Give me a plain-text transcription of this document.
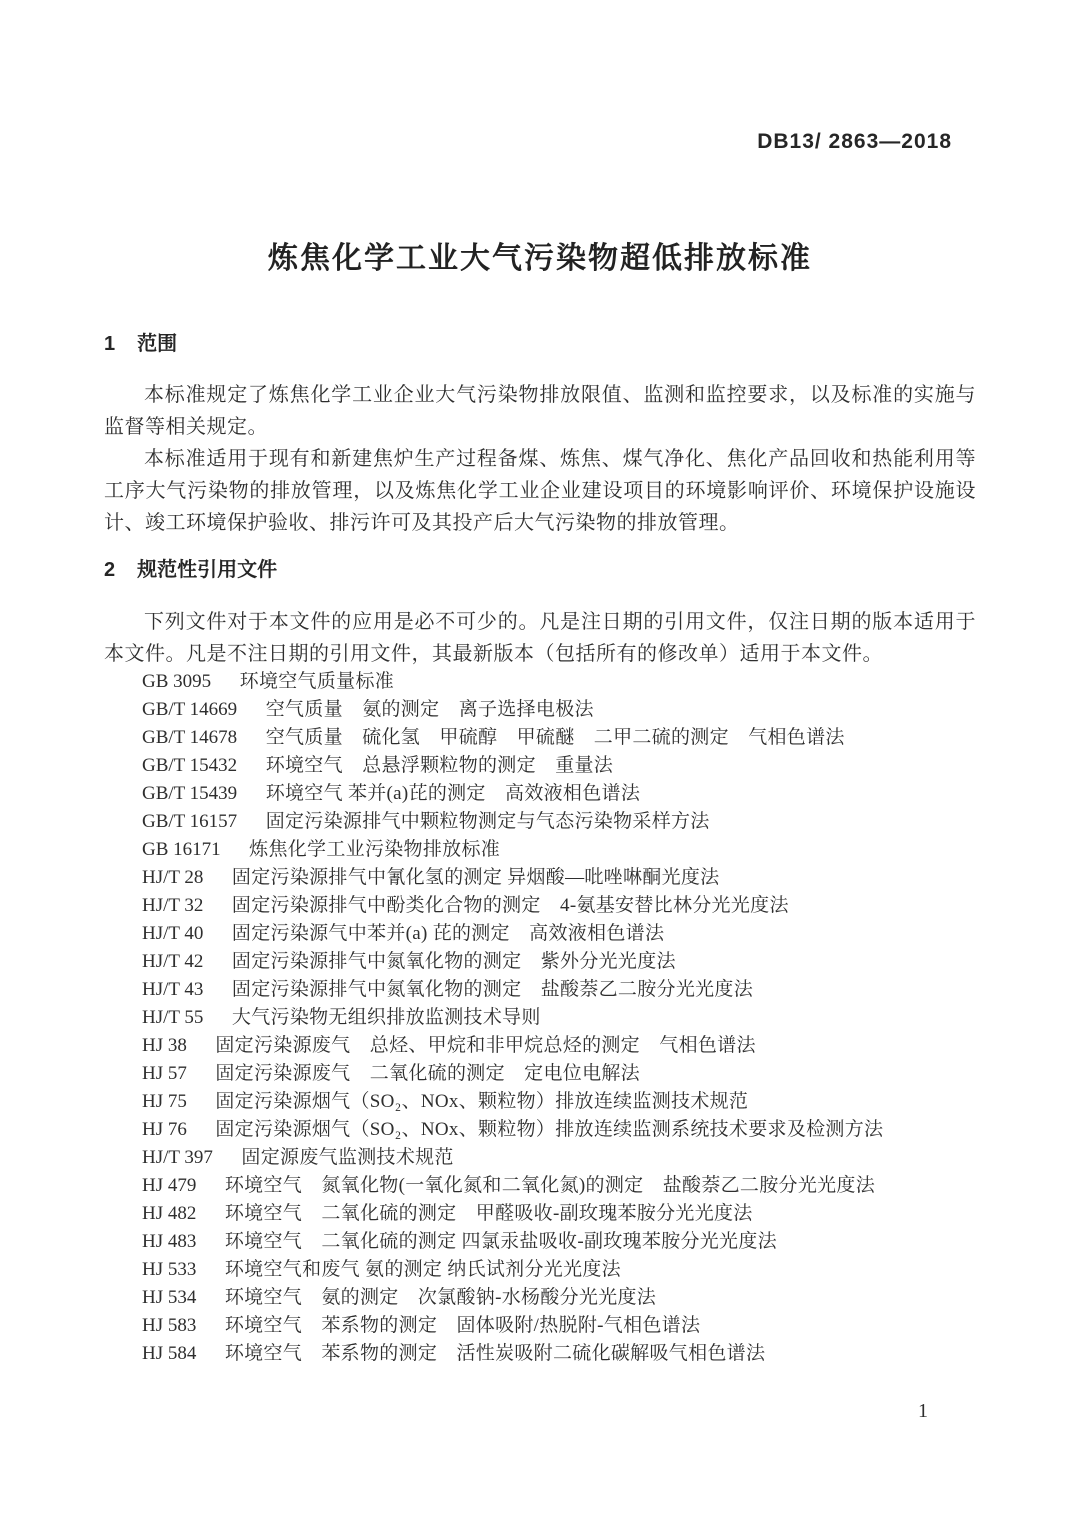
DB13/ 2863—2018
炼焦化学工业大气污染物超低排放标准
1 范围

本标准规定了炼焦化学工业企业大气污染物排放限值、监测和监控要求，以及标准的实施与监督等相关规定。

本标准适用于现有和新建焦炉生产过程备煤、炼焦、煤气净化、焦化产品回收和热能利用等工序大气污染物的排放管理，以及炼焦化学工业企业建设项目的环境影响评价、环境保护设施设计、竣工环境保护验收、排污许可及其投产后大气污染物的排放管理。

2 规范性引用文件

下列文件对于本文件的应用是必不可少的。凡是注日期的引用文件，仅注日期的版本适用于本文件。凡是不注日期的引用文件，其最新版本（包括所有的修改单）适用于本文件。

GB 3095 环境空气质量标准
GB/T 14669 空气质量　氨的测定　离子选择电极法
GB/T 14678 空气质量　硫化氢　甲硫醇　甲硫醚　二甲二硫的测定　气相色谱法
GB/T 15432 环境空气　总悬浮颗粒物的测定　重量法
GB/T 15439 环境空气 苯并(a)芘的测定　高效液相色谱法
GB/T 16157 固定污染源排气中颗粒物测定与气态污染物采样方法
GB 16171 炼焦化学工业污染物排放标准
HJ/T 28 固定污染源排气中氰化氢的测定 异烟酸—吡唑啉酮光度法
HJ/T 32 固定污染源排气中酚类化合物的测定　4-氨基安替比林分光光度法
HJ/T 40 固定污染源气中苯并(a) 芘的测定　高效液相色谱法
HJ/T 42 固定污染源排气中氮氧化物的测定　紫外分光光度法
HJ/T 43 固定污染源排气中氮氧化物的测定　盐酸萘乙二胺分光光度法
HJ/T 55 大气污染物无组织排放监测技术导则
HJ 38 固定污染源废气　总烃、甲烷和非甲烷总烃的测定　气相色谱法
HJ 57 固定污染源废气　二氧化硫的测定　定电位电解法
HJ 75 固定污染源烟气（SO₂、NOx、颗粒物）排放连续监测技术规范
HJ 76 固定污染源烟气（SO₂、NOx、颗粒物）排放连续监测系统技术要求及检测方法
HJ/T 397 固定源废气监测技术规范
HJ 479 环境空气　氮氧化物(一氧化氮和二氧化氮)的测定　盐酸萘乙二胺分光光度法
HJ 482 环境空气　二氧化硫的测定　甲醛吸收-副玫瑰苯胺分光光度法
HJ 483 环境空气　二氧化硫的测定 四氯汞盐吸收-副玫瑰苯胺分光光度法
HJ 533 环境空气和废气 氨的测定 纳氏试剂分光光度法
HJ 534 环境空气　氨的测定　次氯酸钠-水杨酸分光光度法
HJ 583 环境空气　苯系物的测定　固体吸附/热脱附-气相色谱法
HJ 584 环境空气　苯系物的测定　活性炭吸附二硫化碳解吸气相色谱法
1
